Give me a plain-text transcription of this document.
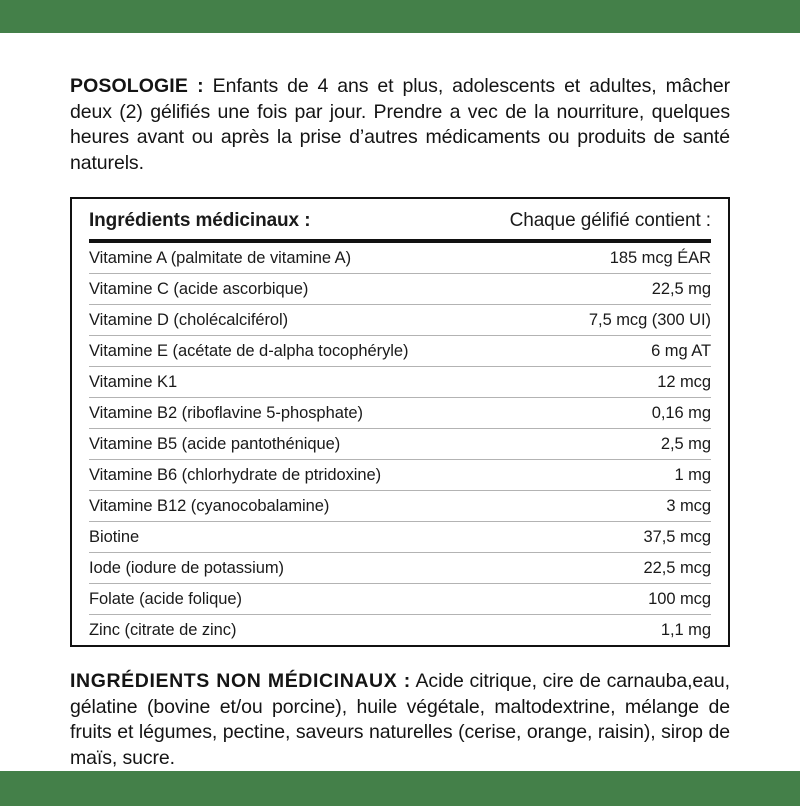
POSOLOGIE : Enfants de 4 ans et plus, adolescents et adultes, mâcher deux (2) gélifiés une fois par jour. Prendre a vec de la nourriture, quelques heures avant ou après la prise d’autres médicaments ou produits de santé naturels.

Ingrédients médicinaux :	Chaque gélifié contient :
Vitamine A (palmitate de vitamine A)	185 mcg ÉAR
Vitamine C (acide ascorbique)	22,5 mg
Vitamine D (cholécalciférol)	7,5 mcg (300 UI)
Vitamine E (acétate de d-alpha tocophéryle)	6 mg AT
Vitamine K1	12 mcg
Vitamine B2 (riboflavine 5-phosphate)	0,16 mg
Vitamine B5 (acide pantothénique)	2,5 mg
Vitamine B6 (chlorhydrate de ptridoxine)	1 mg
Vitamine B12 (cyanocobalamine)	3 mcg
Biotine	37,5 mcg
Iode (iodure de potassium)	22,5 mcg
Folate (acide folique)	100 mcg
Zinc (citrate de zinc)	1,1 mg

INGRÉDIENTS NON MÉDICINAUX : Acide citrique, cire de carnauba,eau, gélatine (bovine et/ou porcine), huile végétale, maltodextrine, mélange de fruits et légumes, pectine, saveurs naturelles (cerise, orange, raisin), sirop de maïs, sucre.
